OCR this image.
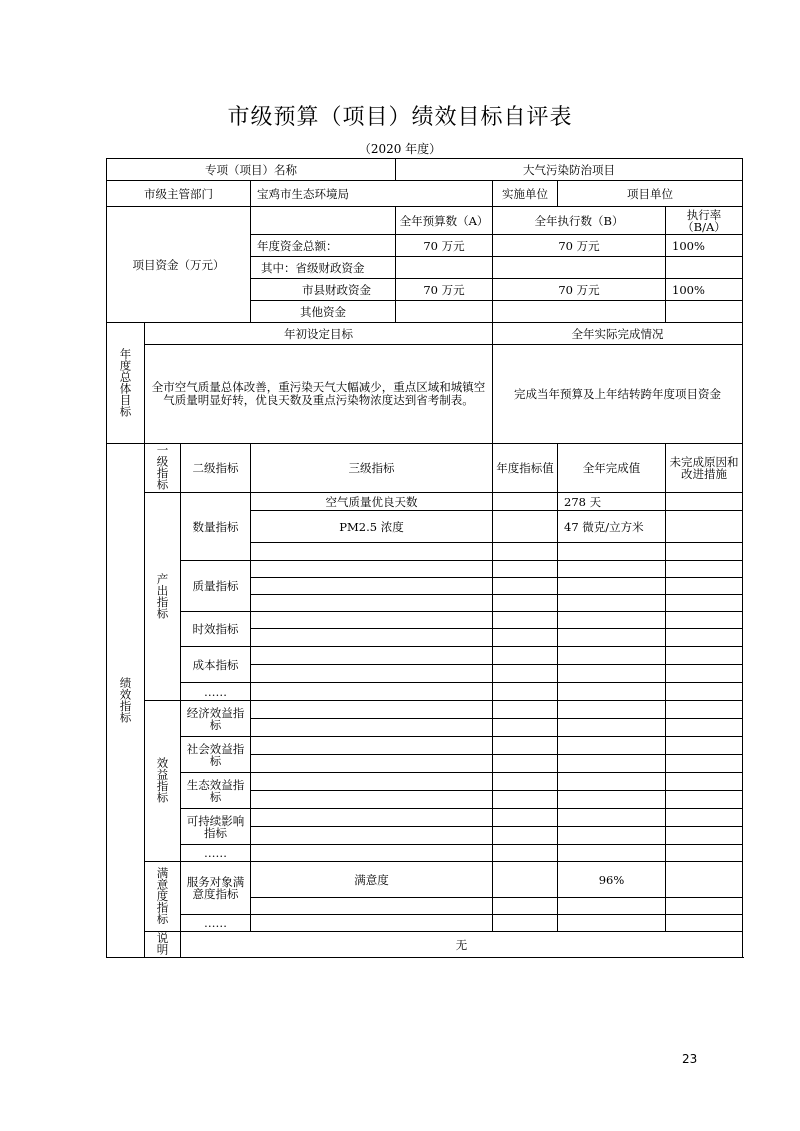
市级预算（项目）绩效目标自评表
（2020 年度）
专项（项目）名称				大气污染防治项目			
市级主管部门			宝鸡市生态环境局		实施单位	项目单位	
项目资金（万元）				全年预算数（A）	全年执行数（B）		执行率（B/A）
			年度资金总额：	70 万元	70 万元		100%
			其中：省级财政资金				
			市县财政资金	70 万元	70 万元		100%
			其他资金				
年度总体目标	年初设定目标				全年实际完成情况		
	全市空气质量总体改善，重污染天气大幅减少，重点区域和城镇空气质量明显好转，优良天数及重点污染物浓度达到省考制表。				完成当年预算及上年结转跨年度项目资金		
绩效指标	一级指标	二级指标	三级指标		年度指标值	全年完成值	未完成原因和改进措施
	产出指标	数量指标	空气质量优良天数			278 天	
			PM2.5 浓度			47 微克/立方米	

		质量指标					

		时效指标					

		成本指标					

		……					
	效益指标	经济效益指标					

		社会效益指标					

		生态效益指标					

		可持续影响指标					

		……					
	满意度指标	服务对象满意度指标	满意度			96%	

		……					
	说明	无					
23
